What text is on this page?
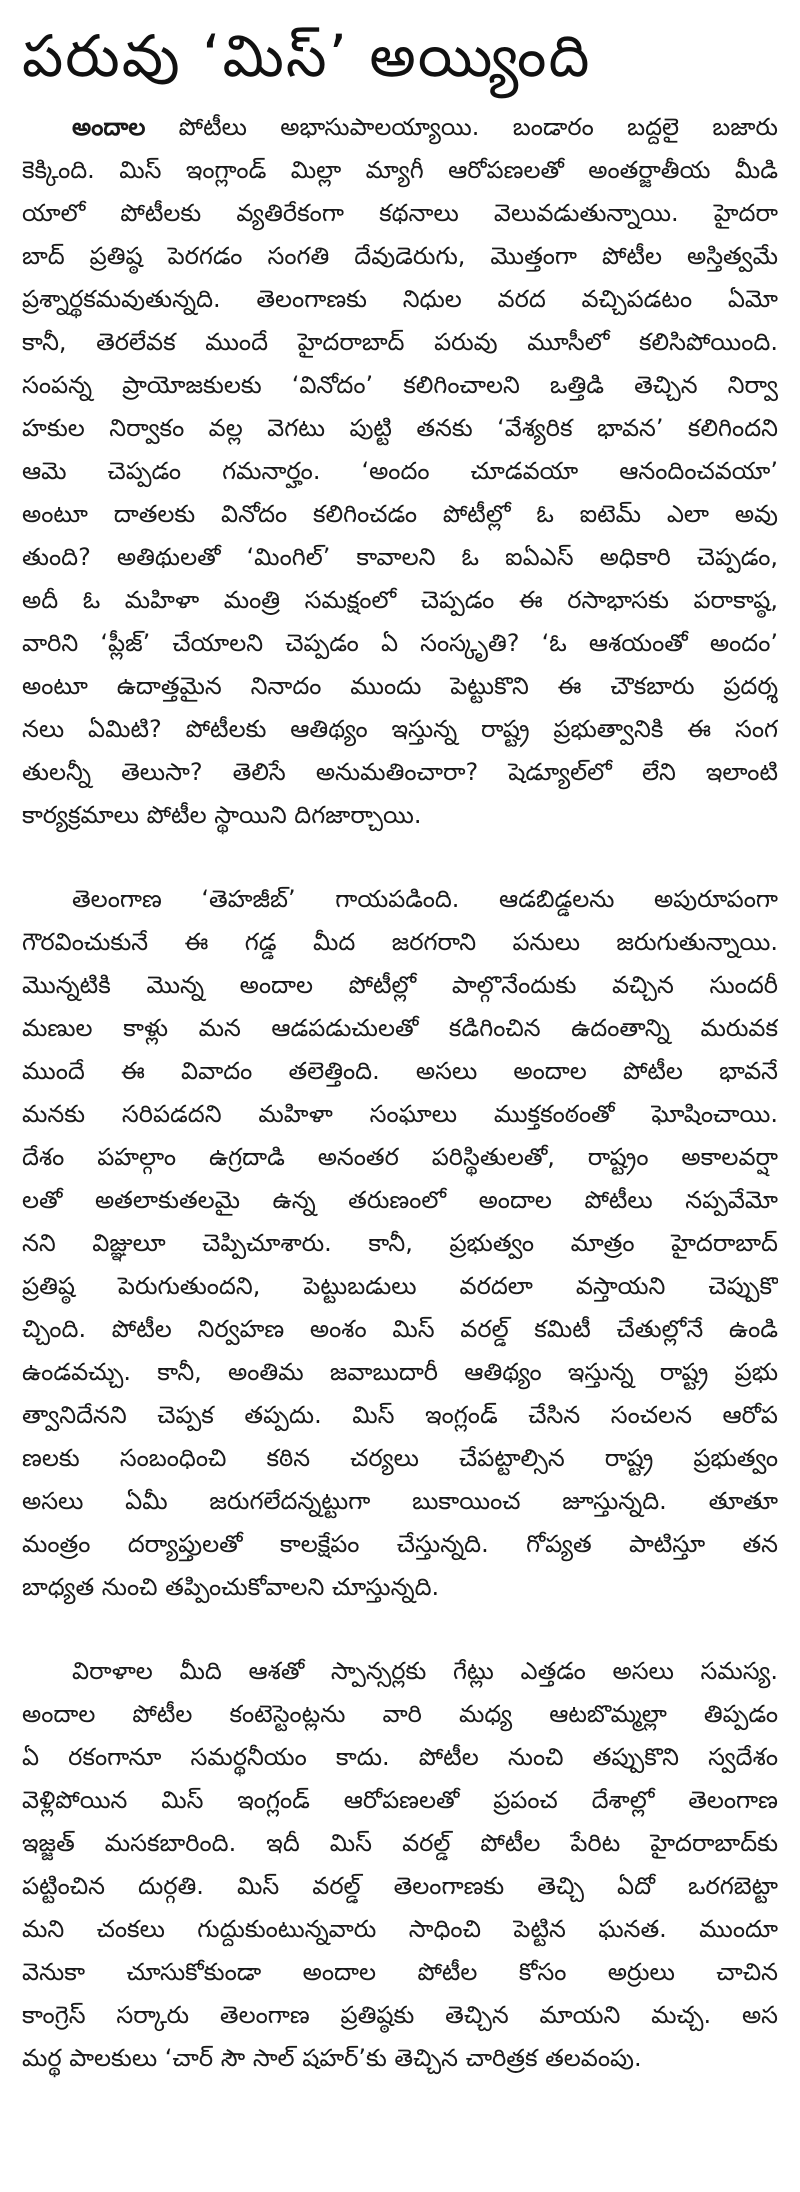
పరువు ‘మిస్’ అయ్యింది
అందాల పోటీలు అభాసుపాలయ్యాయి. బండారం బద్దలై బజారు
కెక్కింది. మిస్ ఇంగ్లాండ్ మిల్లా మ్యాగీ ఆరోపణలతో అంతర్జాతీయ మీడి
యాలో పోటీలకు వ్యతిరేకంగా కథనాలు వెలువడుతున్నాయి. హైదరా
బాద్ ప్రతిష్ఠ పెరగడం సంగతి దేవుడెరుగు, మొత్తంగా పోటీల అస్తిత్వమే
ప్రశ్నార్థకమవుతున్నది. తెలంగాణకు నిధుల వరద వచ్చిపడటం ఏమో
కానీ, తెరలేవక ముందే హైదరాబాద్ పరువు మూసీలో కలిసిపోయింది.
సంపన్న ప్రాయోజకులకు ‘వినోదం’ కలిగించాలని ఒత్తిడి తెచ్చిన నిర్వా
హకుల నిర్వాకం వల్ల వెగటు పుట్టి తనకు ‘వేశ్యరిక భావన’ కలిగిందని
ఆమె చెప్పడం గమనార్హం. ‘అందం చూడవయా ఆనందించవయా’
అంటూ దాతలకు వినోదం కలిగించడం పోటీల్లో ఓ ఐటెమ్ ఎలా అవు
తుంది? అతిథులతో ‘మింగిల్’ కావాలని ఓ ఐఏఎస్ అధికారి చెప్పడం,
అదీ ఓ మహిళా మంత్రి సమక్షంలో చెప్పడం ఈ రసాభాసకు పరాకాష్ఠ,
వారిని ‘ప్లీజ్’ చేయాలని చెప్పడం ఏ సంస్కృతి? ‘ఓ ఆశయంతో అందం’
అంటూ ఉదాత్తమైన నినాదం ముందు పెట్టుకొని ఈ చౌకబారు ప్రదర్శ
నలు ఏమిటి? పోటీలకు ఆతిథ్యం ఇస్తున్న రాష్ట్ర ప్రభుత్వానికి ఈ సంగ
తులన్నీ తెలుసా? తెలిసే అనుమతించారా? షెడ్యూల్‌లో లేని ఇలాంటి
కార్యక్రమాలు పోటీల స్థాయిని దిగజార్చాయి.
తెలంగాణ ‘తెహజీబ్’ గాయపడింది. ఆడబిడ్డలను అపురూపంగా
గౌరవించుకునే ఈ గడ్డ మీద జరగరాని పనులు జరుగుతున్నాయి.
మొన్నటికి మొన్న అందాల పోటీల్లో పాల్గొనేందుకు వచ్చిన సుందరీ
మణుల కాళ్లు మన ఆడపడుచులతో కడిగించిన ఉదంతాన్ని మరువక
ముందే ఈ వివాదం తలెత్తింది. అసలు అందాల పోటీల భావనే
మనకు సరిపడదని మహిళా సంఘాలు ముక్తకంఠంతో ఘోషించాయి.
దేశం పహల్గాం ఉగ్రదాడి అనంతర పరిస్థితులతో, రాష్ట్రం అకాలవర్షా
లతో అతలాకుతలమై ఉన్న తరుణంలో అందాల పోటీలు నప్పవేమో
నని విజ్ఞులూ చెప్పిచూశారు. కానీ, ప్రభుత్వం మాత్రం హైదరాబాద్
ప్రతిష్ఠ పెరుగుతుందని, పెట్టుబడులు వరదలా వస్తాయని చెప్పుకొ
చ్చింది. పోటీల నిర్వహణ అంశం మిస్ వరల్డ్ కమిటీ చేతుల్లోనే ఉండి
ఉండవచ్చు. కానీ, అంతిమ జవాబుదారీ ఆతిథ్యం ఇస్తున్న రాష్ట్ర ప్రభు
త్వానిదేనని చెప్పక తప్పదు. మిస్ ఇంగ్లండ్ చేసిన సంచలన ఆరోప
ణలకు సంబంధించి కఠిన చర్యలు చేపట్టాల్సిన రాష్ట్ర ప్రభుత్వం
అసలు ఏమీ జరుగలేదన్నట్టుగా బుకాయించ జూస్తున్నది. తూతూ
మంత్రం దర్యాప్తులతో కాలక్షేపం చేస్తున్నది. గోప్యత పాటిస్తూ తన
బాధ్యత నుంచి తప్పించుకోవాలని చూస్తున్నది.
విరాళాల మీది ఆశతో స్పాన్సర్లకు గేట్లు ఎత్తడం అసలు సమస్య.
అందాల పోటీల కంటెస్టెంట్లను వారి మధ్య ఆటబొమ్మల్లా తిప్పడం
ఏ రకంగానూ సమర్థనీయం కాదు. పోటీల నుంచి తప్పుకొని స్వదేశం
వెళ్లిపోయిన మిస్ ఇంగ్లండ్ ఆరోపణలతో ప్రపంచ దేశాల్లో తెలంగాణ
ఇజ్జత్ మసకబారింది. ఇదీ మిస్ వరల్డ్ పోటీల పేరిట హైదరాబాద్‌కు
పట్టించిన దుర్గతి. మిస్ వరల్డ్ తెలంగాణకు తెచ్చి ఏదో ఒరగబెట్టా
మని చంకలు గుద్దుకుంటున్నవారు సాధించి పెట్టిన ఘనత. ముందూ
వెనుకా చూసుకోకుండా అందాల పోటీల కోసం అర్రులు చాచిన
కాంగ్రెస్ సర్కారు తెలంగాణ ప్రతిష్ఠకు తెచ్చిన మాయని మచ్చ. అస
మర్థ పాలకులు ‘చార్ సౌ సాల్ షహర్’కు తెచ్చిన చారిత్రక తలవంపు.
